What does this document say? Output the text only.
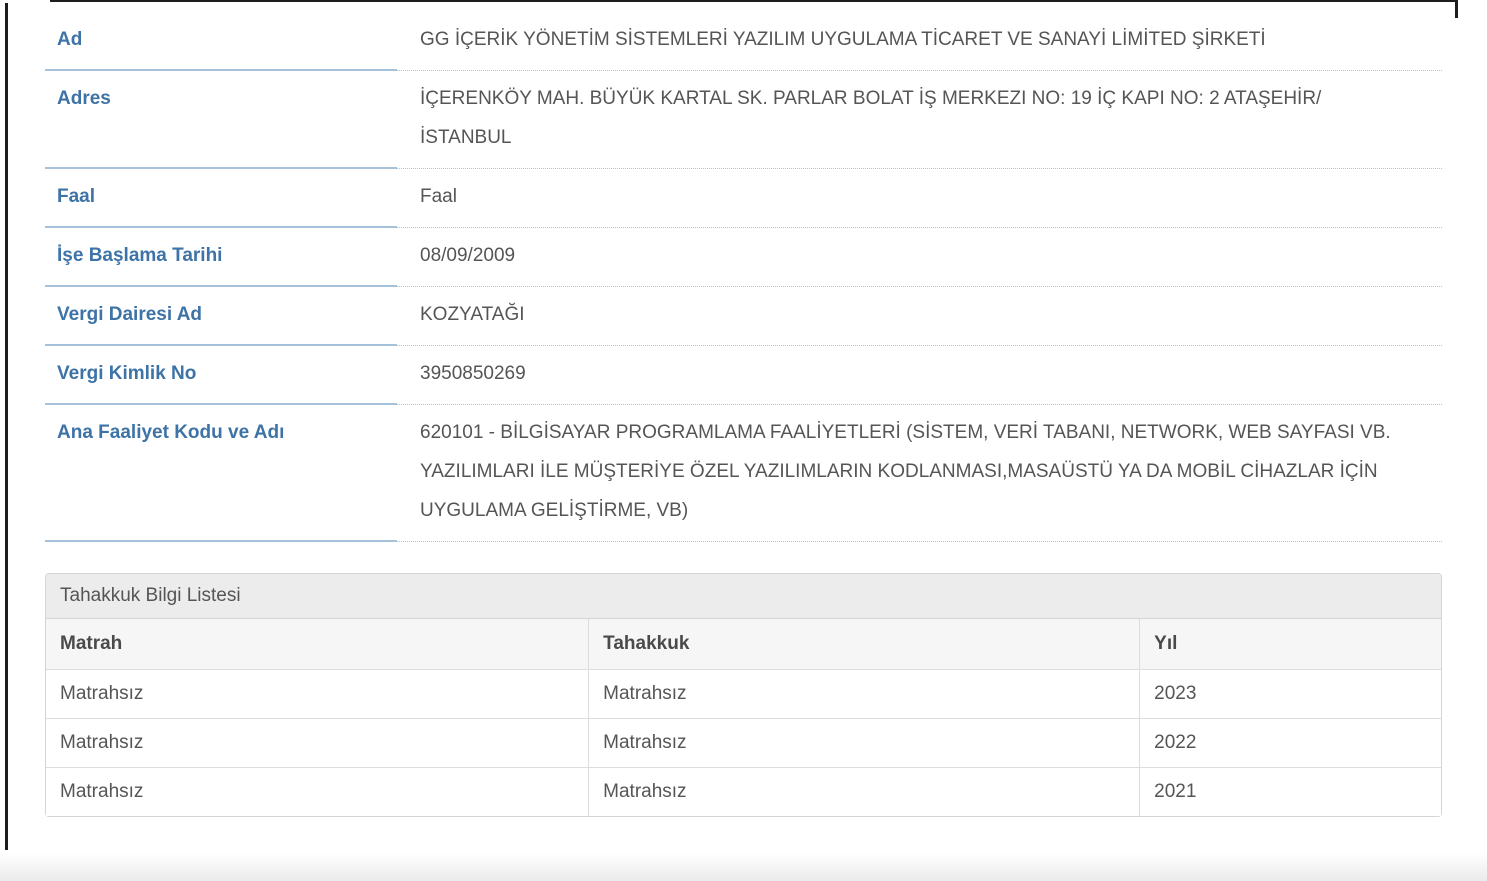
Ad	GG İÇERİK YÖNETİM SİSTEMLERİ YAZILIM UYGULAMA TİCARET VE SANAYİ LİMİTED ŞİRKETİ
Adres	İÇERENKÖY MAH. BÜYÜK KARTAL SK. PARLAR BOLAT İŞ MERKEZI NO: 19 İÇ KAPI NO: 2 ATAŞEHİR/ İSTANBUL
Faal	Faal
İşe Başlama Tarihi	08/09/2009
Vergi Dairesi Ad	KOZYATAĞI
Vergi Kimlik No	3950850269
Ana Faaliyet Kodu ve Adı	620101 - BİLGİSAYAR PROGRAMLAMA FAALİYETLERİ (SİSTEM, VERİ TABANI, NETWORK, WEB SAYFASI VB. YAZILIMLARI İLE MÜŞTERİYE ÖZEL YAZILIMLARIN KODLANMASI,MASAÜSTÜ YA DA MOBİL CİHAZLAR İÇİN UYGULAMA GELİŞTİRME, VB)
Tahakkuk Bilgi Listesi
Matrah	Tahakkuk	Yıl
Matrahsız	Matrahsız	2023
Matrahsız	Matrahsız	2022
Matrahsız	Matrahsız	2021
